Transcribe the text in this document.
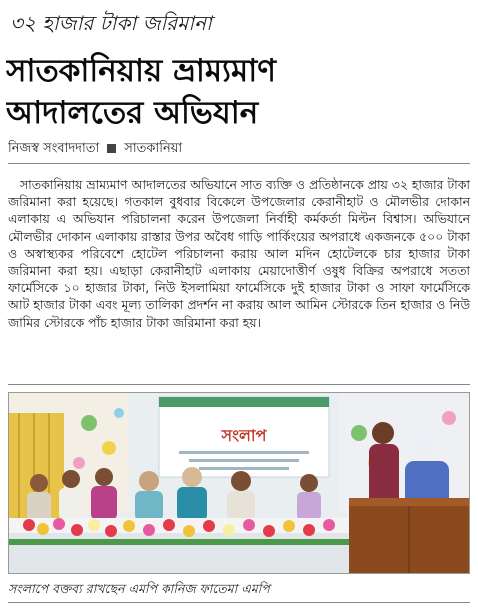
৩২ হাজার টাকা জরিমানা
সাতকানিয়ায় ভ্রাম্যমাণ
আদালতের অভিযান
নিজস্ব সংবাদদাতা সাতকানিয়া

সাতকানিয়ায় ভ্রাম্যমাণ আদালতের অভিযানে সাত ব্যক্তি ও প্রতিষ্ঠানকে প্রায় ৩২ হাজার টাকা জরিমানা করা হয়েছে। গতকাল বুধবার বিকেলে উপজেলার কেরানীহাট ও মৌলভীর দোকান এলাকায় এ অভিযান পরিচালনা করেন উপজেলা নির্বাহী কর্মকর্তা মিল্টন বিশ্বাস। অভিযানে মৌলভীর দোকান এলাকায় রাস্তার উপর অবৈধ গাড়ি পার্কিংয়ের অপরাধে একজনকে ৫০০ টাকা ও অস্বাস্থ্যকর পরিবেশে হোটেল পরিচালনা করায় আল মদিন হোটেলকে চার হাজার টাকা জরিমানা করা হয়। এছাড়া কেরানীহাট এলাকায় মেয়াদোত্তীর্ণ ওষুধ বিক্রির অপরাধে সততা ফার্মেসিকে ১০ হাজার টাকা, নিউ ইসলামিয়া ফার্মেসিকে দুই হাজার টাকা ও সাফা ফার্মেসিকে আট হাজার টাকা এবং মূল্য তালিকা প্রদর্শন না করায় আল আমিন স্টোরকে তিন হাজার ও নিউ জামির স্টোরকে পাঁচ হাজার টাকা জরিমানা করা হয়।

সংলাপ
সংলাপে বক্তব্য রাখছেন এমপি কানিজ ফাতেমা এমপি
